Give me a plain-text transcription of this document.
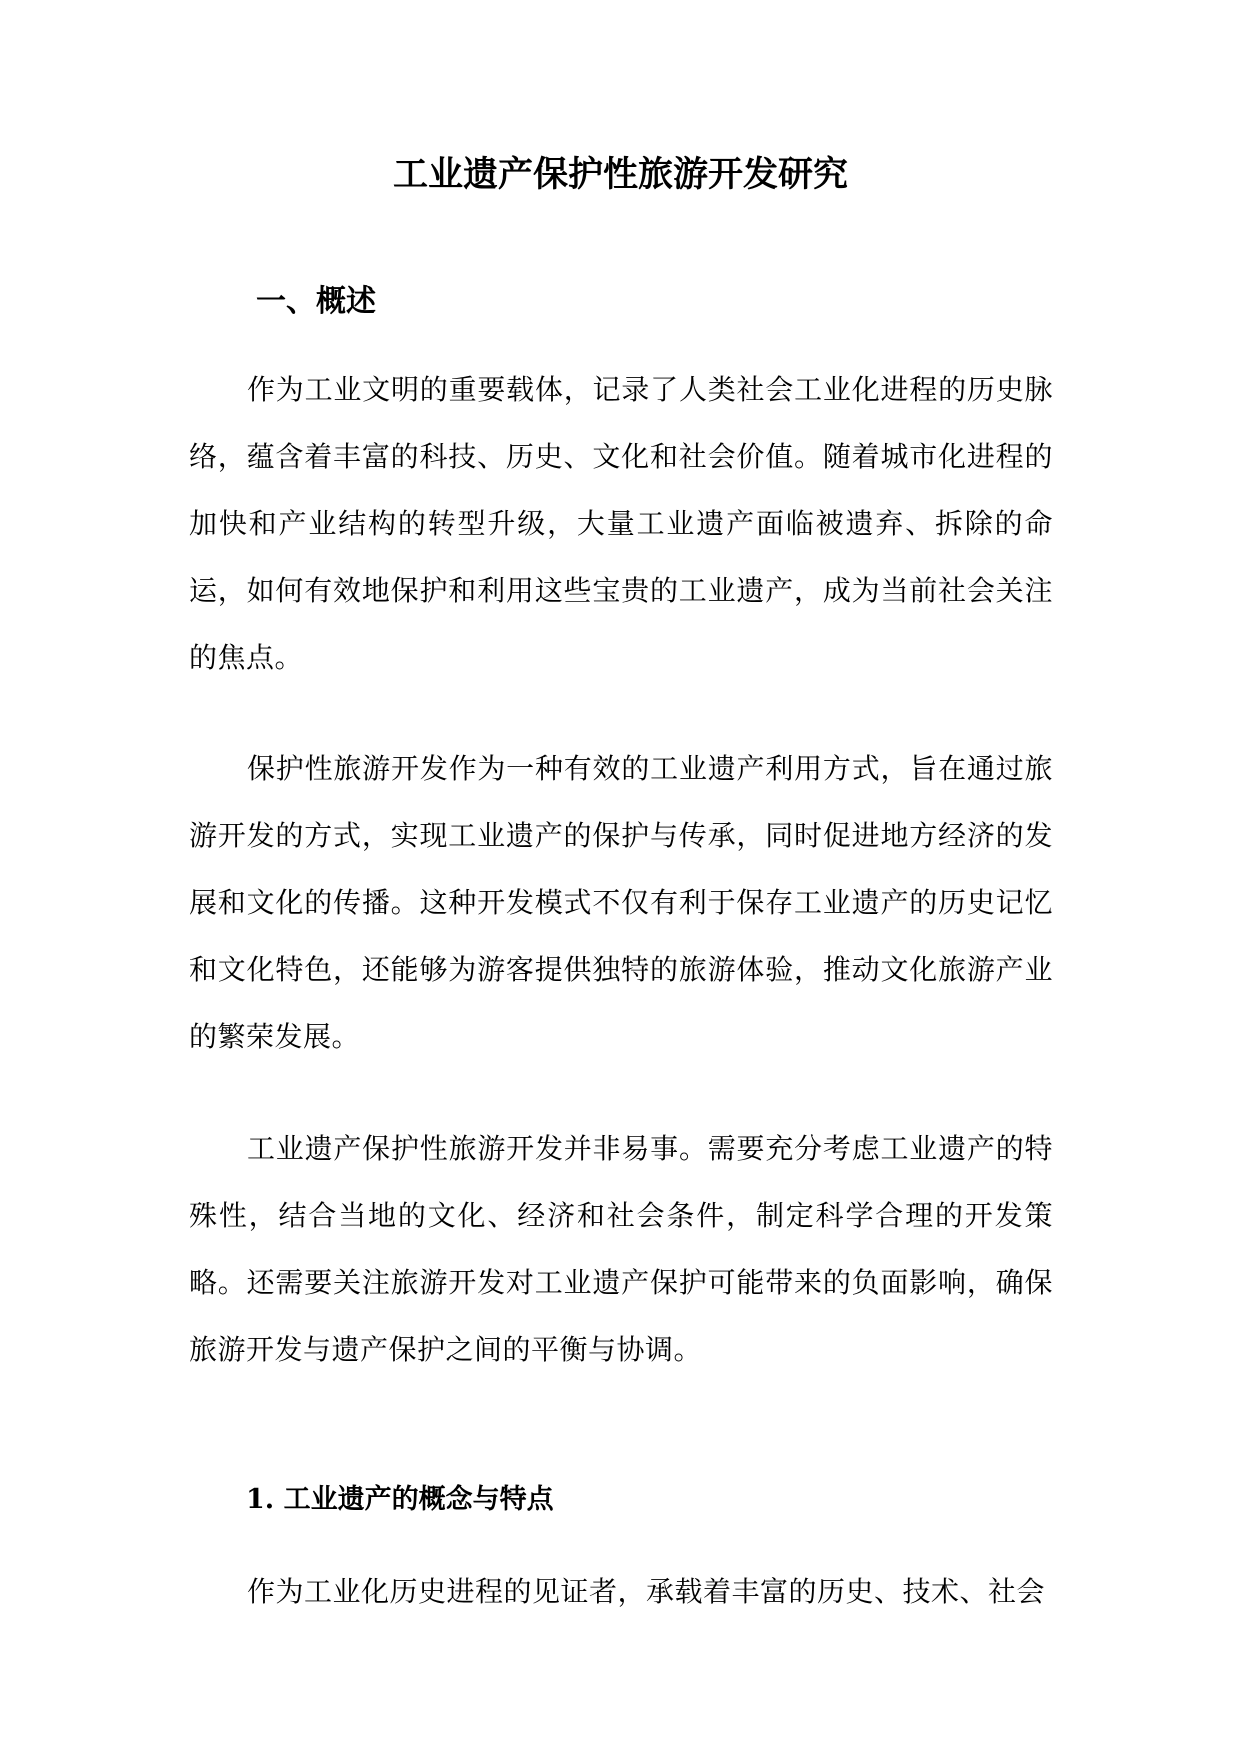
工业遗产保护性旅游开发研究
一、概述

作为工业文明的重要载体，记录了人类社会工业化进程的历史脉络，蕴含着丰富的科技、历史、文化和社会价值。随着城市化进程的加快和产业结构的转型升级，大量工业遗产面临被遗弃、拆除的命运，如何有效地保护和利用这些宝贵的工业遗产，成为当前社会关注的焦点。

保护性旅游开发作为一种有效的工业遗产利用方式，旨在通过旅游开发的方式，实现工业遗产的保护与传承，同时促进地方经济的发展和文化的传播。这种开发模式不仅有利于保存工业遗产的历史记忆和文化特色，还能够为游客提供独特的旅游体验，推动文化旅游产业的繁荣发展。

工业遗产保护性旅游开发并非易事。需要充分考虑工业遗产的特殊性，结合当地的文化、经济和社会条件，制定科学合理的开发策略。还需要关注旅游开发对工业遗产保护可能带来的负面影响，确保旅游开发与遗产保护之间的平衡与协调。

1. 工业遗产的概念与特点

作为工业化历史进程的见证者，承载着丰富的历史、技术、社会
